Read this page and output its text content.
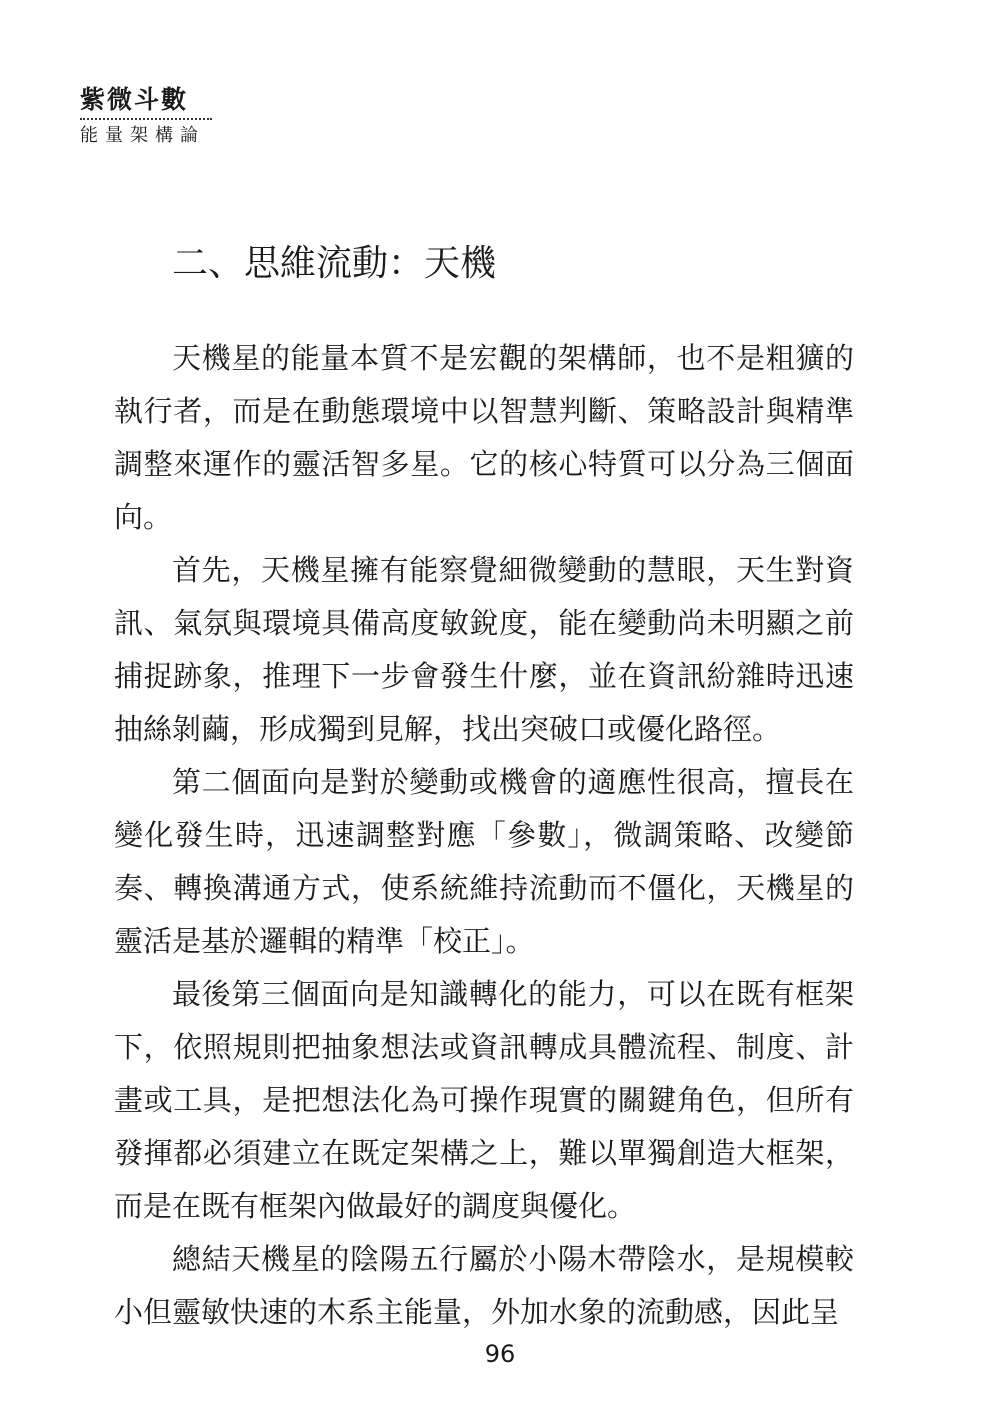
紫微斗數
能量架構論
二、思維流動：天機

天機星的能量本質不是宏觀的架構師，也不是粗獷的執行者，而是在動態環境中以智慧判斷、策略設計與精準調整來運作的靈活智多星。它的核心特質可以分為三個面向。

首先，天機星擁有能察覺細微變動的慧眼，天生對資訊、氣氛與環境具備高度敏銳度，能在變動尚未明顯之前捕捉跡象，推理下一步會發生什麼，並在資訊紛雜時迅速抽絲剝繭，形成獨到見解，找出突破口或優化路徑。

第二個面向是對於變動或機會的適應性很高，擅長在變化發生時，迅速調整對應「參數」，微調策略、改變節奏、轉換溝通方式，使系統維持流動而不僵化，天機星的靈活是基於邏輯的精準「校正」。

最後第三個面向是知識轉化的能力，可以在既有框架下，依照規則把抽象想法或資訊轉成具體流程、制度、計畫或工具，是把想法化為可操作現實的關鍵角色，但所有發揮都必須建立在既定架構之上，難以單獨創造大框架，而是在既有框架內做最好的調度與優化。

總結天機星的陰陽五行屬於小陽木帶陰水，是規模較小但靈敏快速的木系主能量，外加水象的流動感，因此呈

96
